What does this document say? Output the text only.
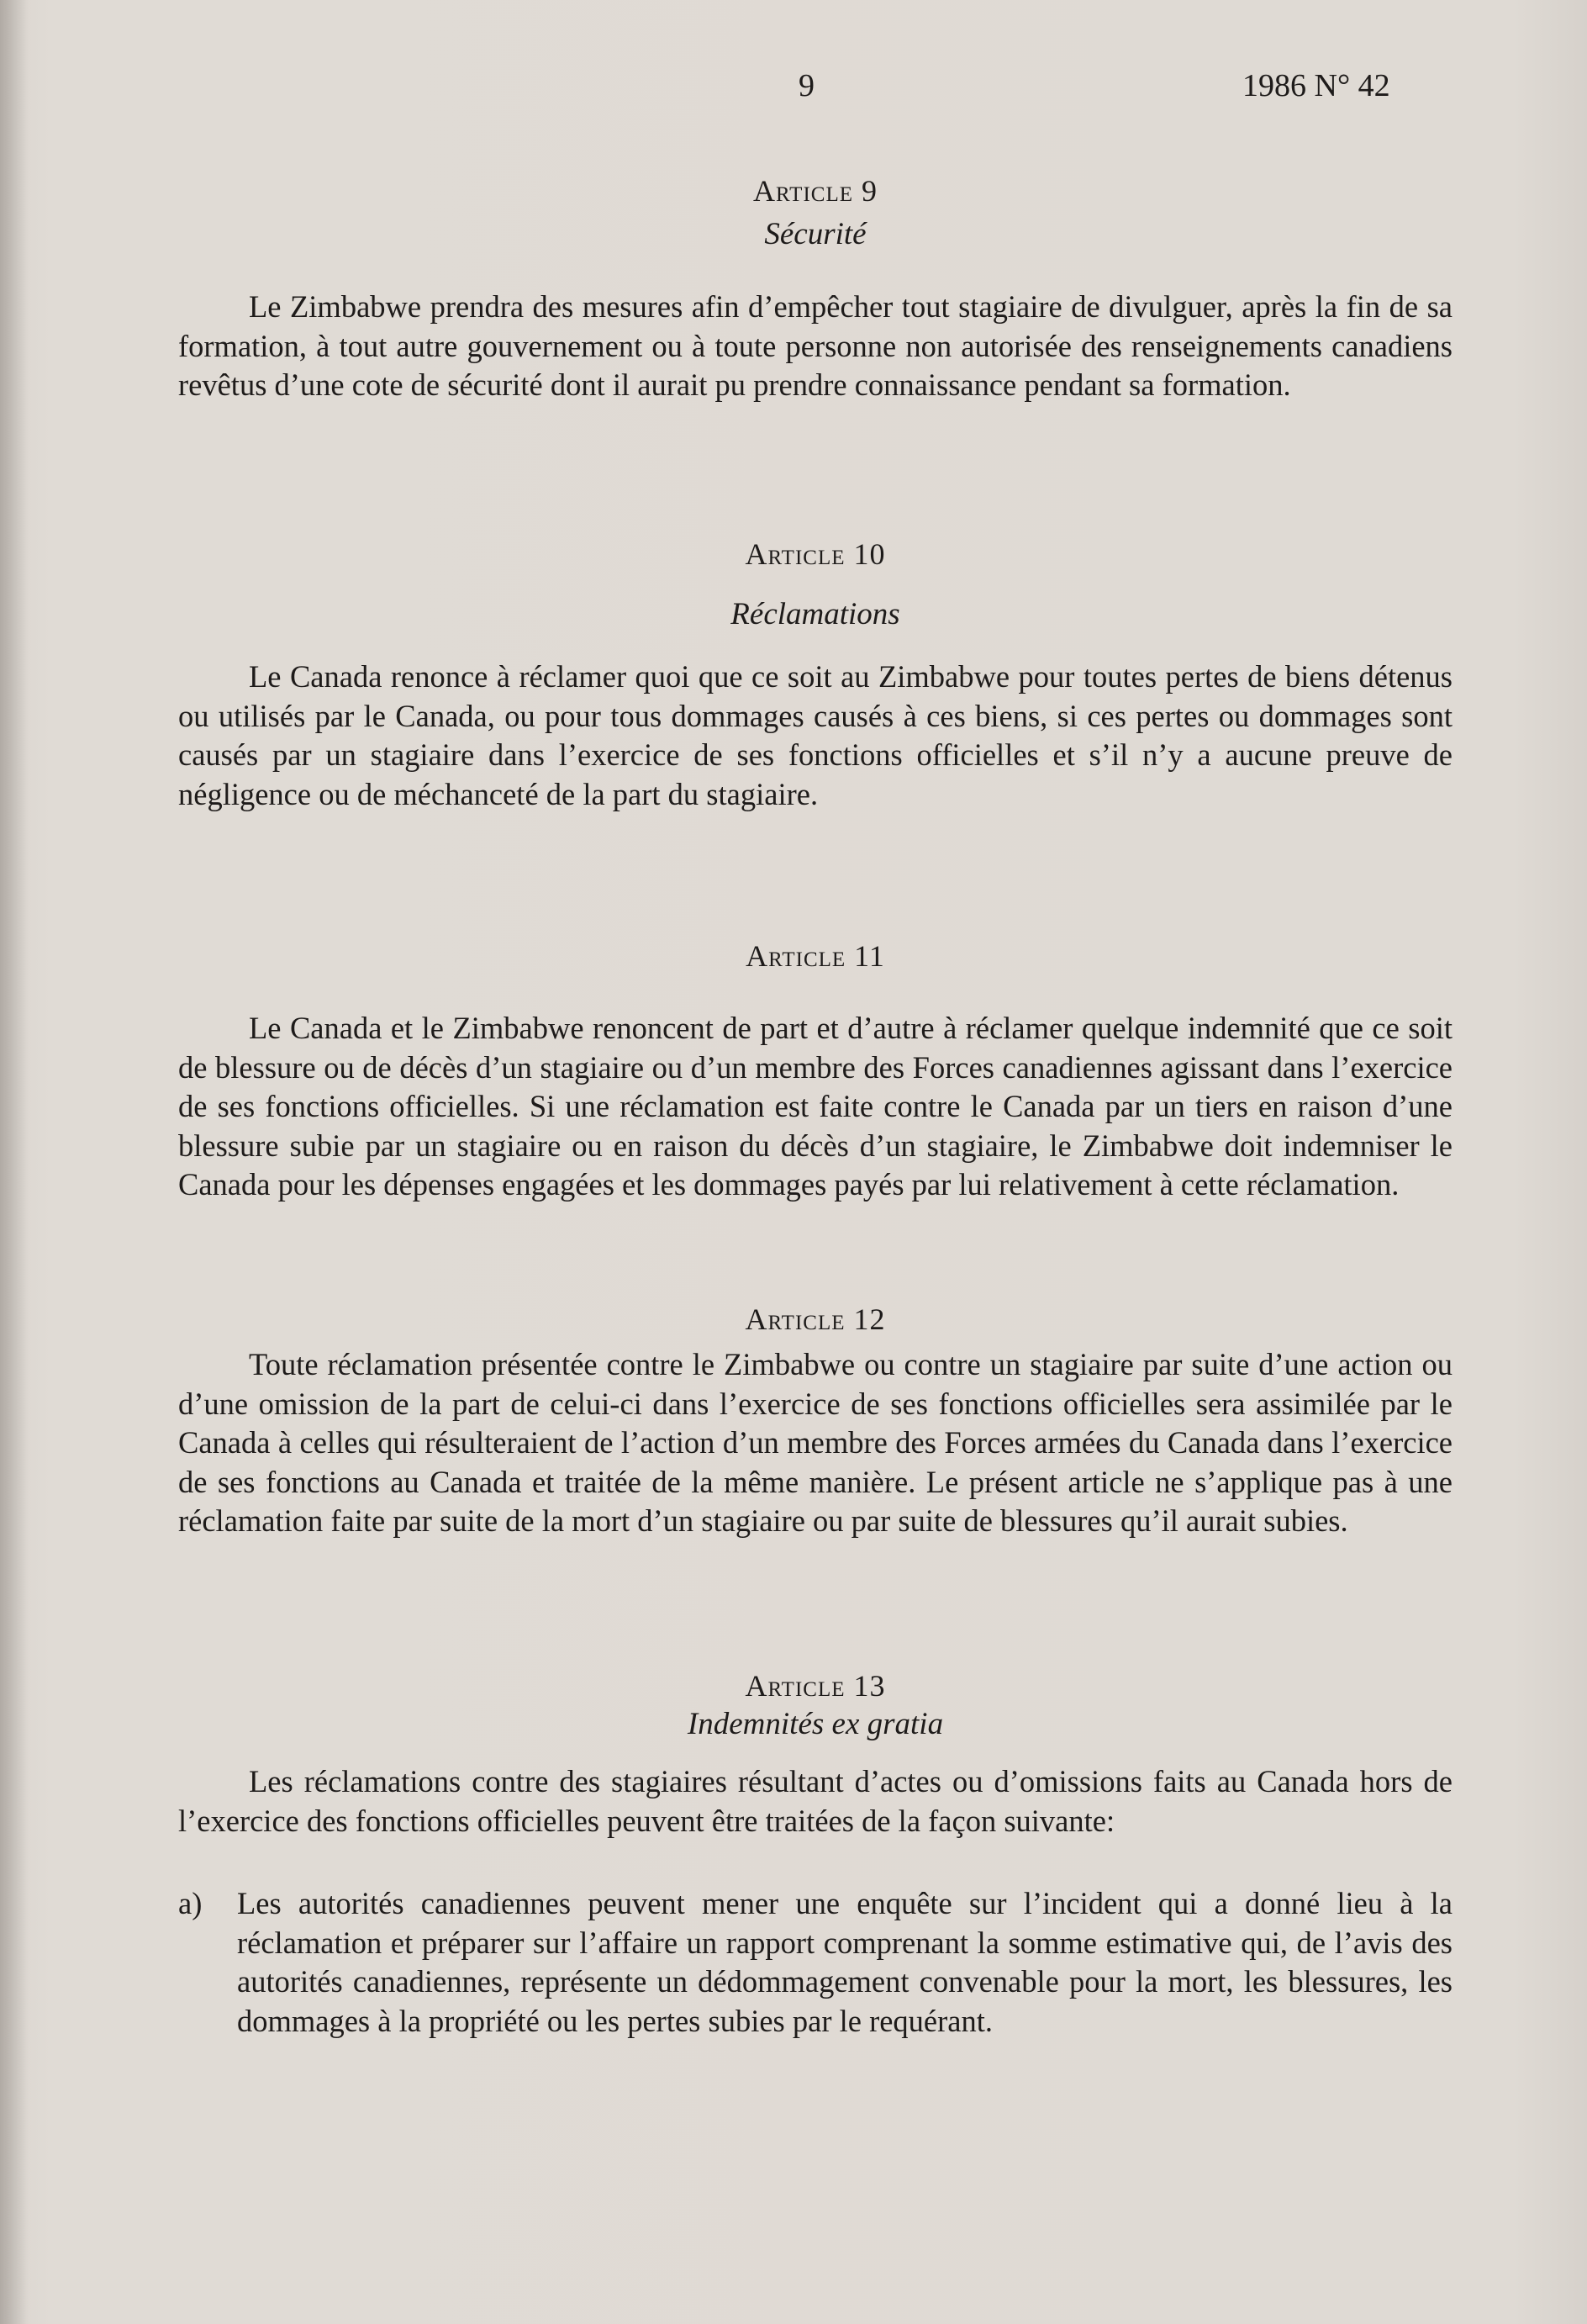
9	1986 N° 42

Article 9

Sécurité

Le Zimbabwe prendra des mesures afin d’empêcher tout stagiaire de divulguer, après la fin de sa formation, à tout autre gouvernement ou à toute personne non autorisée des renseignements canadiens revêtus d’une cote de sécurité dont il aurait pu prendre connaissance pendant sa formation.

Article 10

Réclamations

Le Canada renonce à réclamer quoi que ce soit au Zimbabwe pour toutes pertes de biens détenus ou utilisés par le Canada, ou pour tous dommages causés à ces biens, si ces pertes ou dommages sont causés par un stagiaire dans l’exercice de ses fonctions officielles et s’il n’y a aucune preuve de négligence ou de méchanceté de la part du stagiaire.

Article 11

Le Canada et le Zimbabwe renoncent de part et d’autre à réclamer quelque indemnité que ce soit de blessure ou de décès d’un stagiaire ou d’un membre des Forces canadiennes agissant dans l’exercice de ses fonctions officielles. Si une réclamation est faite contre le Canada par un tiers en raison d’une blessure subie par un stagiaire ou en raison du décès d’un stagiaire, le Zimbabwe doit indemniser le Canada pour les dépenses engagées et les dommages payés par lui relativement à cette réclamation.

Article 12

Toute réclamation présentée contre le Zimbabwe ou contre un stagiaire par suite d’une action ou d’une omission de la part de celui-ci dans l’exercice de ses fonctions officielles sera assimilée par le Canada à celles qui résulteraient de l’action d’un membre des Forces armées du Canada dans l’exercice de ses fonctions au Canada et traitée de la même manière. Le présent article ne s’applique pas à une réclamation faite par suite de la mort d’un stagiaire ou par suite de blessures qu’il aurait subies.

Article 13

Indemnités ex gratia

Les réclamations contre des stagiaires résultant d’actes ou d’omissions faits au Canada hors de l’exercice des fonctions officielles peuvent être traitées de la façon suivante:

a)	Les autorités canadiennes peuvent mener une enquête sur l’incident qui a donné lieu à la réclamation et préparer sur l’affaire un rapport comprenant la somme estimative qui, de l’avis des autorités canadiennes, représente un dédommagement convenable pour la mort, les blessures, les dommages à la propriété ou les pertes subies par le requérant.
